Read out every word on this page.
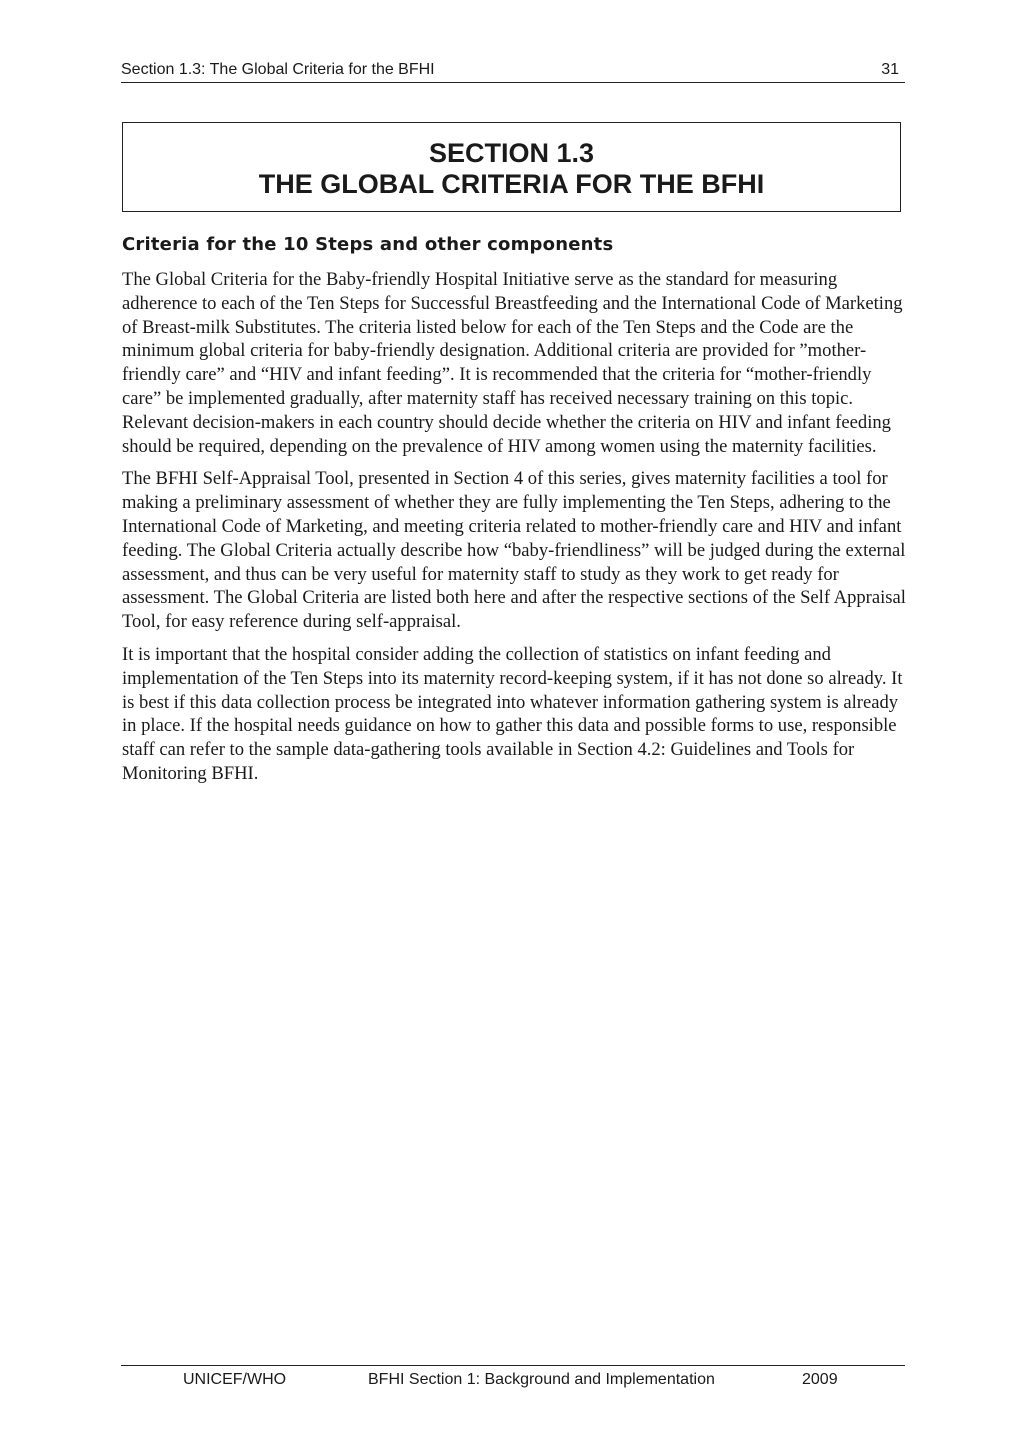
Section 1.3: The Global Criteria for the BFHI	31
SECTION 1.3
THE GLOBAL CRITERIA FOR THE BFHI
Criteria for the 10 Steps and other components

The Global Criteria for the Baby-friendly Hospital Initiative serve as the standard for measuring adherence to each of the Ten Steps for Successful Breastfeeding and the International Code of Marketing of Breast-milk Substitutes. The criteria listed below for each of the Ten Steps and the Code are the minimum global criteria for baby-friendly designation. Additional criteria are provided for ”mother-friendly care” and “HIV and infant feeding”. It is recommended that the criteria for “mother-friendly care” be implemented gradually, after maternity staff has received necessary training on this topic. Relevant decision-makers in each country should decide whether the criteria on HIV and infant feeding should be required, depending on the prevalence of HIV among women using the maternity facilities.

The BFHI Self-Appraisal Tool, presented in Section 4 of this series, gives maternity facilities a tool for making a preliminary assessment of whether they are fully implementing the Ten Steps, adhering to the International Code of Marketing, and meeting criteria related to mother-friendly care and HIV and infant feeding. The Global Criteria actually describe how “baby-friendliness” will be judged during the external assessment, and thus can be very useful for maternity staff to study as they work to get ready for assessment. The Global Criteria are listed both here and after the respective sections of the Self Appraisal Tool, for easy reference during self-appraisal.

It is important that the hospital consider adding the collection of statistics on infant feeding and implementation of the Ten Steps into its maternity record-keeping system, if it has not done so already. It is best if this data collection process be integrated into whatever information gathering system is already in place. If the hospital needs guidance on how to gather this data and possible forms to use, responsible staff can refer to the sample data-gathering tools available in Section 4.2: Guidelines and Tools for Monitoring BFHI.

UNICEF/WHO	BFHI Section 1: Background and Implementation	2009
